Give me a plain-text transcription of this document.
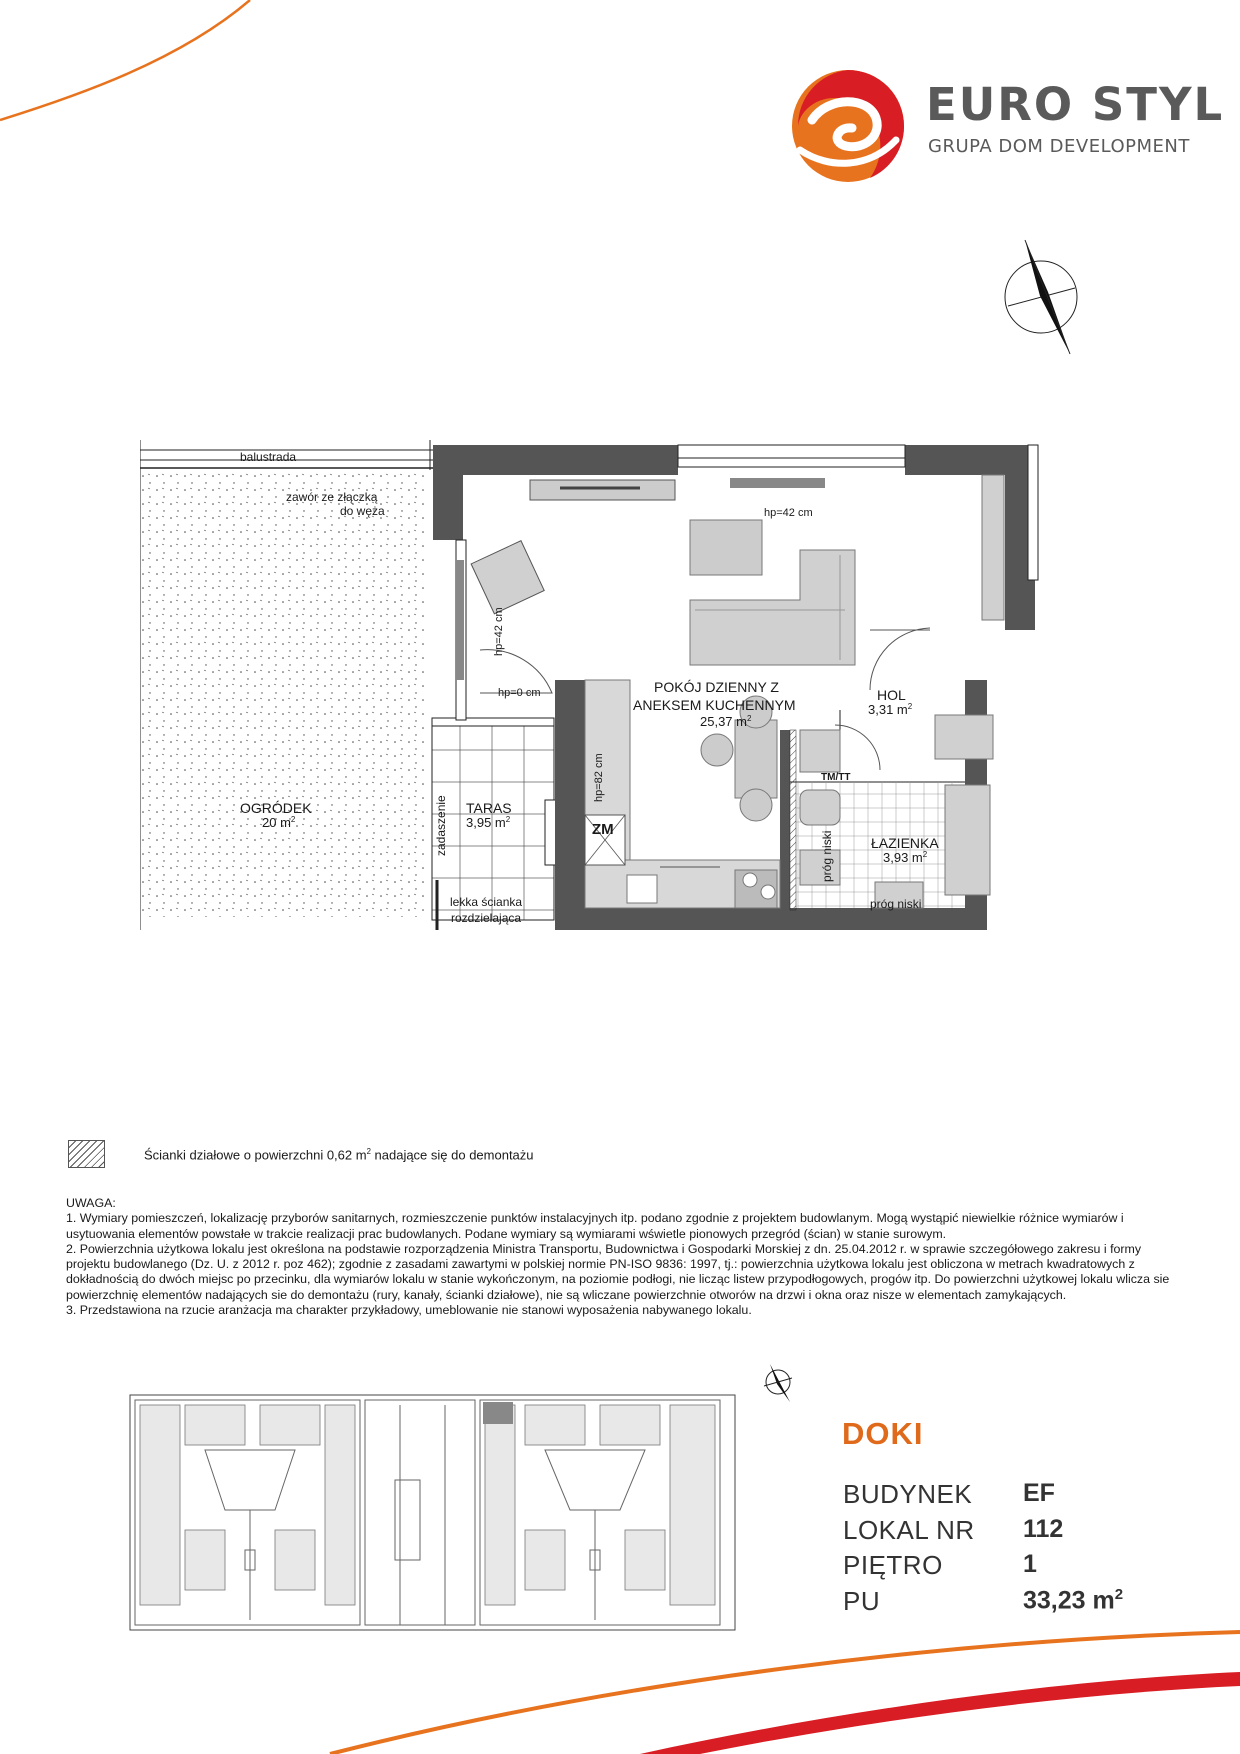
EURO STYL
GRUPA DOM DEVELOPMENT
balustrada
zawór ze złączką
do węża	hp=42 cm
hp=42 cm
hp=0 cm
hp=82 cm
zadaszenie
lekka ścianka
rozdzielająca
ZM
TM/TT
próg niski
próg niski
POKÓJ DZIENNY Z
ANEKSEM KUCHENNYM
25,37 $m^2$
HOL
3,31 $m^2$
ŁAZIENKA
3,93 $m^2$
TARAS
3,95 $m^2$
OGRÓDEK
20 $m^2$
Ścianki działowe o powierzchni 0,62 $m^2$ nadające się do demontażu
UWAGA:
1. Wymiary pomieszczeń, lokalizację przyborów sanitarnych, rozmieszczenie punktów instalacyjnych itp. podano zgodnie z projektem budowlanym. Mogą wystąpić niewielkie różnice wymiarów i usytuowania elementów powstałe w trakcie realizacji prac budowlanych. Podane wymiary są wymiarami wświetle pionowych przegród (ścian) w stanie surowym.
2. Powierzchnia użytkowa lokalu jest określona na podstawie rozporządzenia Ministra Transportu, Budownictwa i Gospodarki Morskiej z dn. 25.04.2012 r. w sprawie szczegółowego zakresu i formy projektu budowlanego (Dz. U. z 2012 r. poz 462); zgodnie z zasadami zawartymi w polskiej normie PN-ISO 9836: 1997, tj.: powierzchnia użytkowa lokalu jest obliczona w metrach kwadratowych z dokładnością do dwóch miejsc po przecinku, dla wymiarów lokalu w stanie wykończonym, na poziomie podłogi, nie licząc listew przypodłogowych, progów itp. Do powierzchni użytkowej lokalu wlicza sie powierzchnię elementów nadających sie do demontażu (rury, kanały, ścianki działowe), nie są wliczane powierzchnie otworów na drzwi i okna oraz nisze w elementach zamykających.
3. Przedstawiona na rzucie aranżacja ma charakter przykładowy, umeblowanie nie stanowi wyposażenia nabywanego lokalu.
DOKI
BUDYNEK EF
LOKAL NR 112
PIĘTRO	1
PU	33,23 $m^2$
